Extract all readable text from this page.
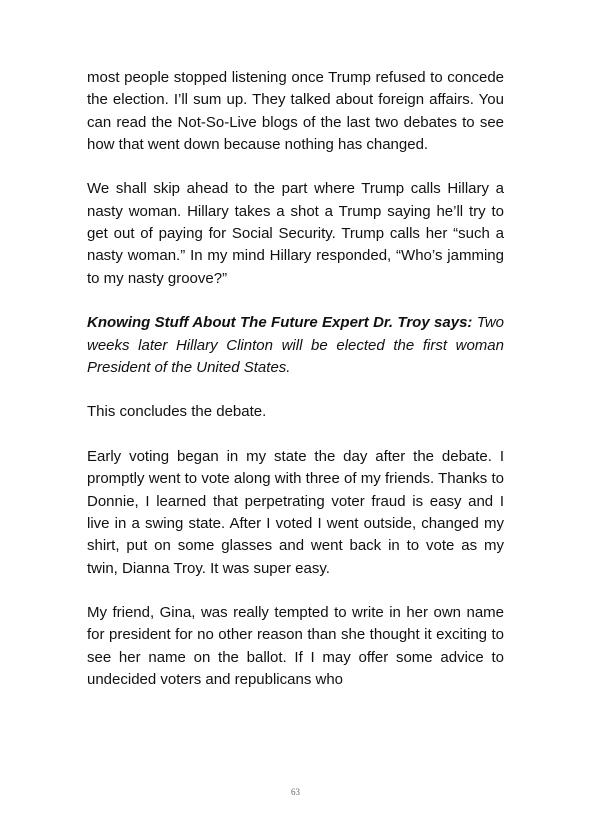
most people stopped listening once Trump refused to concede the election. I’ll sum up. They talked about foreign affairs. You can read the Not-So-Live blogs of the last two debates to see how that went down because nothing has changed.

We shall skip ahead to the part where Trump calls Hillary a nasty woman. Hillary takes a shot a Trump saying he’ll try to get out of paying for Social Security. Trump calls her “such a nasty woman.” In my mind Hillary responded, “Who’s jamming to my nasty groove?”

Knowing Stuff About The Future Expert Dr. Troy says: Two weeks later Hillary Clinton will be elected the first woman President of the United States.

This concludes the debate.

Early voting began in my state the day after the debate. I promptly went to vote along with three of my friends. Thanks to Donnie, I learned that perpetrating voter fraud is easy and I live in a swing state. After I voted I went outside, changed my shirt, put on some glasses and went back in to vote as my twin, Dianna Troy. It was super easy.

My friend, Gina, was really tempted to write in her own name for president for no other reason than she thought it exciting to see her name on the ballot. If I may offer some advice to undecided voters and republicans who

63
